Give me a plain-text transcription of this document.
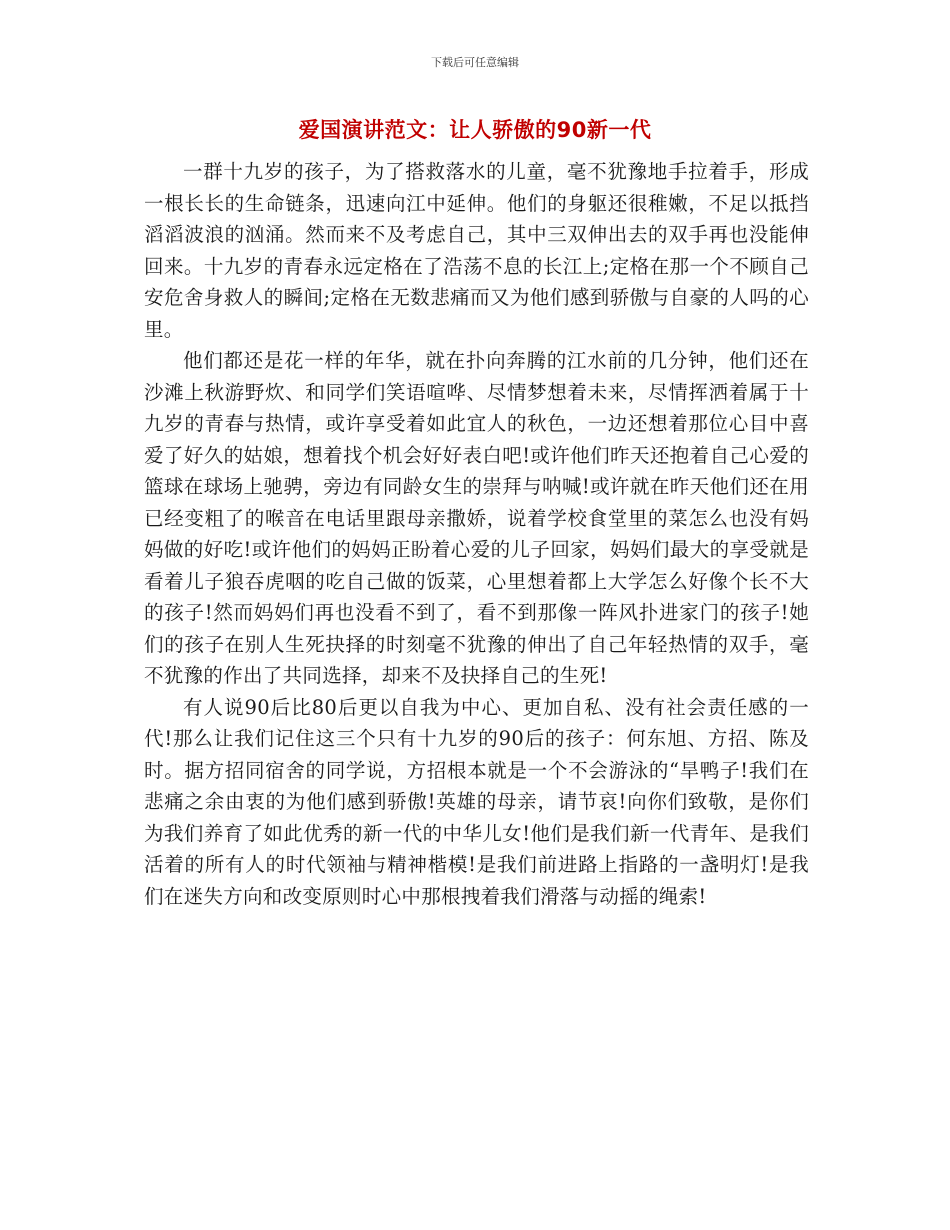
下载后可任意编辑
爱国演讲范文：让人骄傲的90新一代

一群十九岁的孩子，为了搭救落水的儿童，毫不犹豫地手拉着手，形成一根长长的生命链条，迅速向江中延伸。他们的身躯还很稚嫩，不足以抵挡滔滔波浪的汹涌。然而来不及考虑自己，其中三双伸出去的双手再也没能伸回来。十九岁的青春永远定格在了浩荡不息的长江上;定格在那一个不顾自己安危舍身救人的瞬间;定格在无数悲痛而又为他们感到骄傲与自豪的人吗的心里。

他们都还是花一样的年华，就在扑向奔腾的江水前的几分钟，他们还在沙滩上秋游野炊、和同学们笑语喧哗、尽情梦想着未来，尽情挥洒着属于十九岁的青春与热情，或许享受着如此宜人的秋色，一边还想着那位心目中喜爱了好久的姑娘，想着找个机会好好表白吧!或许他们昨天还抱着自己心爱的篮球在球场上驰骋，旁边有同龄女生的崇拜与呐喊!或许就在昨天他们还在用已经变粗了的喉音在电话里跟母亲撒娇，说着学校食堂里的菜怎么也没有妈妈做的好吃!或许他们的妈妈正盼着心爱的儿子回家，妈妈们最大的享受就是看着儿子狼吞虎咽的吃自己做的饭菜，心里想着都上大学怎么好像个长不大的孩子!然而妈妈们再也没看不到了，看不到那像一阵风扑进家门的孩子!她们的孩子在别人生死抉择的时刻毫不犹豫的伸出了自己年轻热情的双手，毫不犹豫的作出了共同选择，却来不及抉择自己的生死!

有人说90后比80后更以自我为中心、更加自私、没有社会责任感的一代!那么让我们记住这三个只有十九岁的90后的孩子：何东旭、方招、陈及时。据方招同宿舍的同学说，方招根本就是一个不会游泳的“旱鸭子!我们在悲痛之余由衷的为他们感到骄傲!英雄的母亲，请节哀!向你们致敬，是你们为我们养育了如此优秀的新一代的中华儿女!他们是我们新一代青年、是我们活着的所有人的时代领袖与精神楷模!是我们前进路上指路的一盏明灯!是我们在迷失方向和改变原则时心中那根拽着我们滑落与动摇的绳索!
